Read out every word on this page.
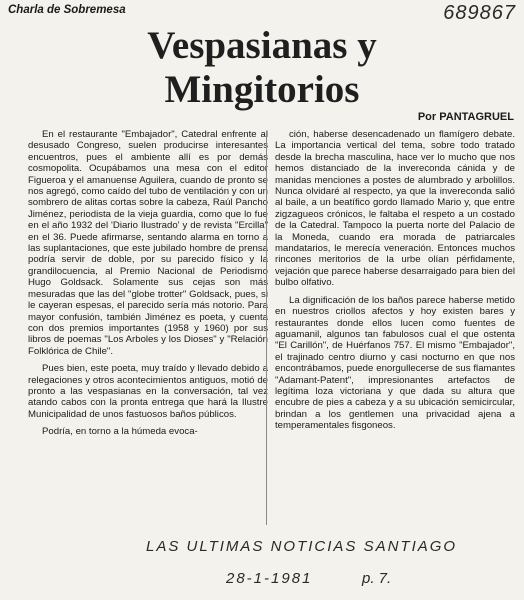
Charla de Sobremesa	689867
Vespasianas y
Mingitorios
Por PANTAGRUEL

En el restaurante "Embajador", Catedral enfrente al desusado Congreso, suelen producirse interesantes encuentros, pues el ambiente allí es por demás cosmopolita. Ocupábamos una mesa con el editor Figueroa y el amanuense Aguilera, cuando de pronto se nos agregó, como caído del tubo de ventilación y con un sombrero de alitas cortas sobre la cabeza, Raúl Pancho Jiménez, periodista de la vieja guardia, como que lo fue en el año 1932 del 'Diario Ilustrado' y de revista "Ercilla" en el 36. Puede afirmarse, sentando alarma en torno a las suplantaciones, que este jubilado hombre de prensa podría servir de doble, por su parecido físico y la grandilocuencia, al Premio Nacional de Periodismo Hugo Goldsack. Solamente sus cejas son más mesuradas que las del "globe trotter" Goldsack, pues, si le cayeran espesas, el parecido sería más notorio. Para mayor confusión, también Jiménez es poeta, y cuenta con dos premios importantes (1958 y 1960) por sus libros de poemas "Los Arboles y los Dioses" y "Relación Folklórica de Chile".

Pues bien, este poeta, muy traído y llevado debido a relegaciones y otros acontecimientos antiguos, motió de pronto a las vespasianas en la conversación, tal vez atando cabos con la pronta entrega que hará la Ilustre Municipalidad de unos fastuosos baños públicos.

Podría, en torno a la húmeda evoca-

ción, haberse desencadenado un flamígero debate. La importancia vertical del tema, sobre todo tratado desde la brecha masculina, hace ver lo mucho que nos hemos distanciado de la invereconda cánida y de manidas menciones a postes de alumbrado y arbolillos. Nunca olvidaré al respecto, ya que la invereconda salió al baile, a un beatífico gordo llamado Mario y, que entre zigzagueos crónicos, le faltaba el respeto a un costado de la Catedral. Tampoco la puerta norte del Palacio de la Moneda, cuando era morada de patriarcales mandatarios, le merecía veneración. Entonces muchos rincones meritorios de la urbe olían pérfidamente, vejación que parece haberse desarraigado para bien del bulbo olfativo.

La dignificación de los baños parece haberse metido en nuestros criollos afectos y hoy existen bares y restaurantes donde ellos lucen como fuentes de aguamanil, algunos tan fabulosos cual el que ostenta "El Carillón", de Huérfanos 757. El mismo "Embajador", el trajinado centro diurno y casi nocturno en que nos encontrábamos, puede enorgullecerse de sus flamantes "Adamant-Patent", impresionantes artefactos de legítima loza victoriana y que dada su altura que encubre de pies a cabeza y a su ubicación semicircular, brindan a los gentlemen una privacidad ajena a temperamentales fisgoneos.

LAS ULTIMAS NOTICIAS SANTIAGO
28-1-1981	p. 7.
